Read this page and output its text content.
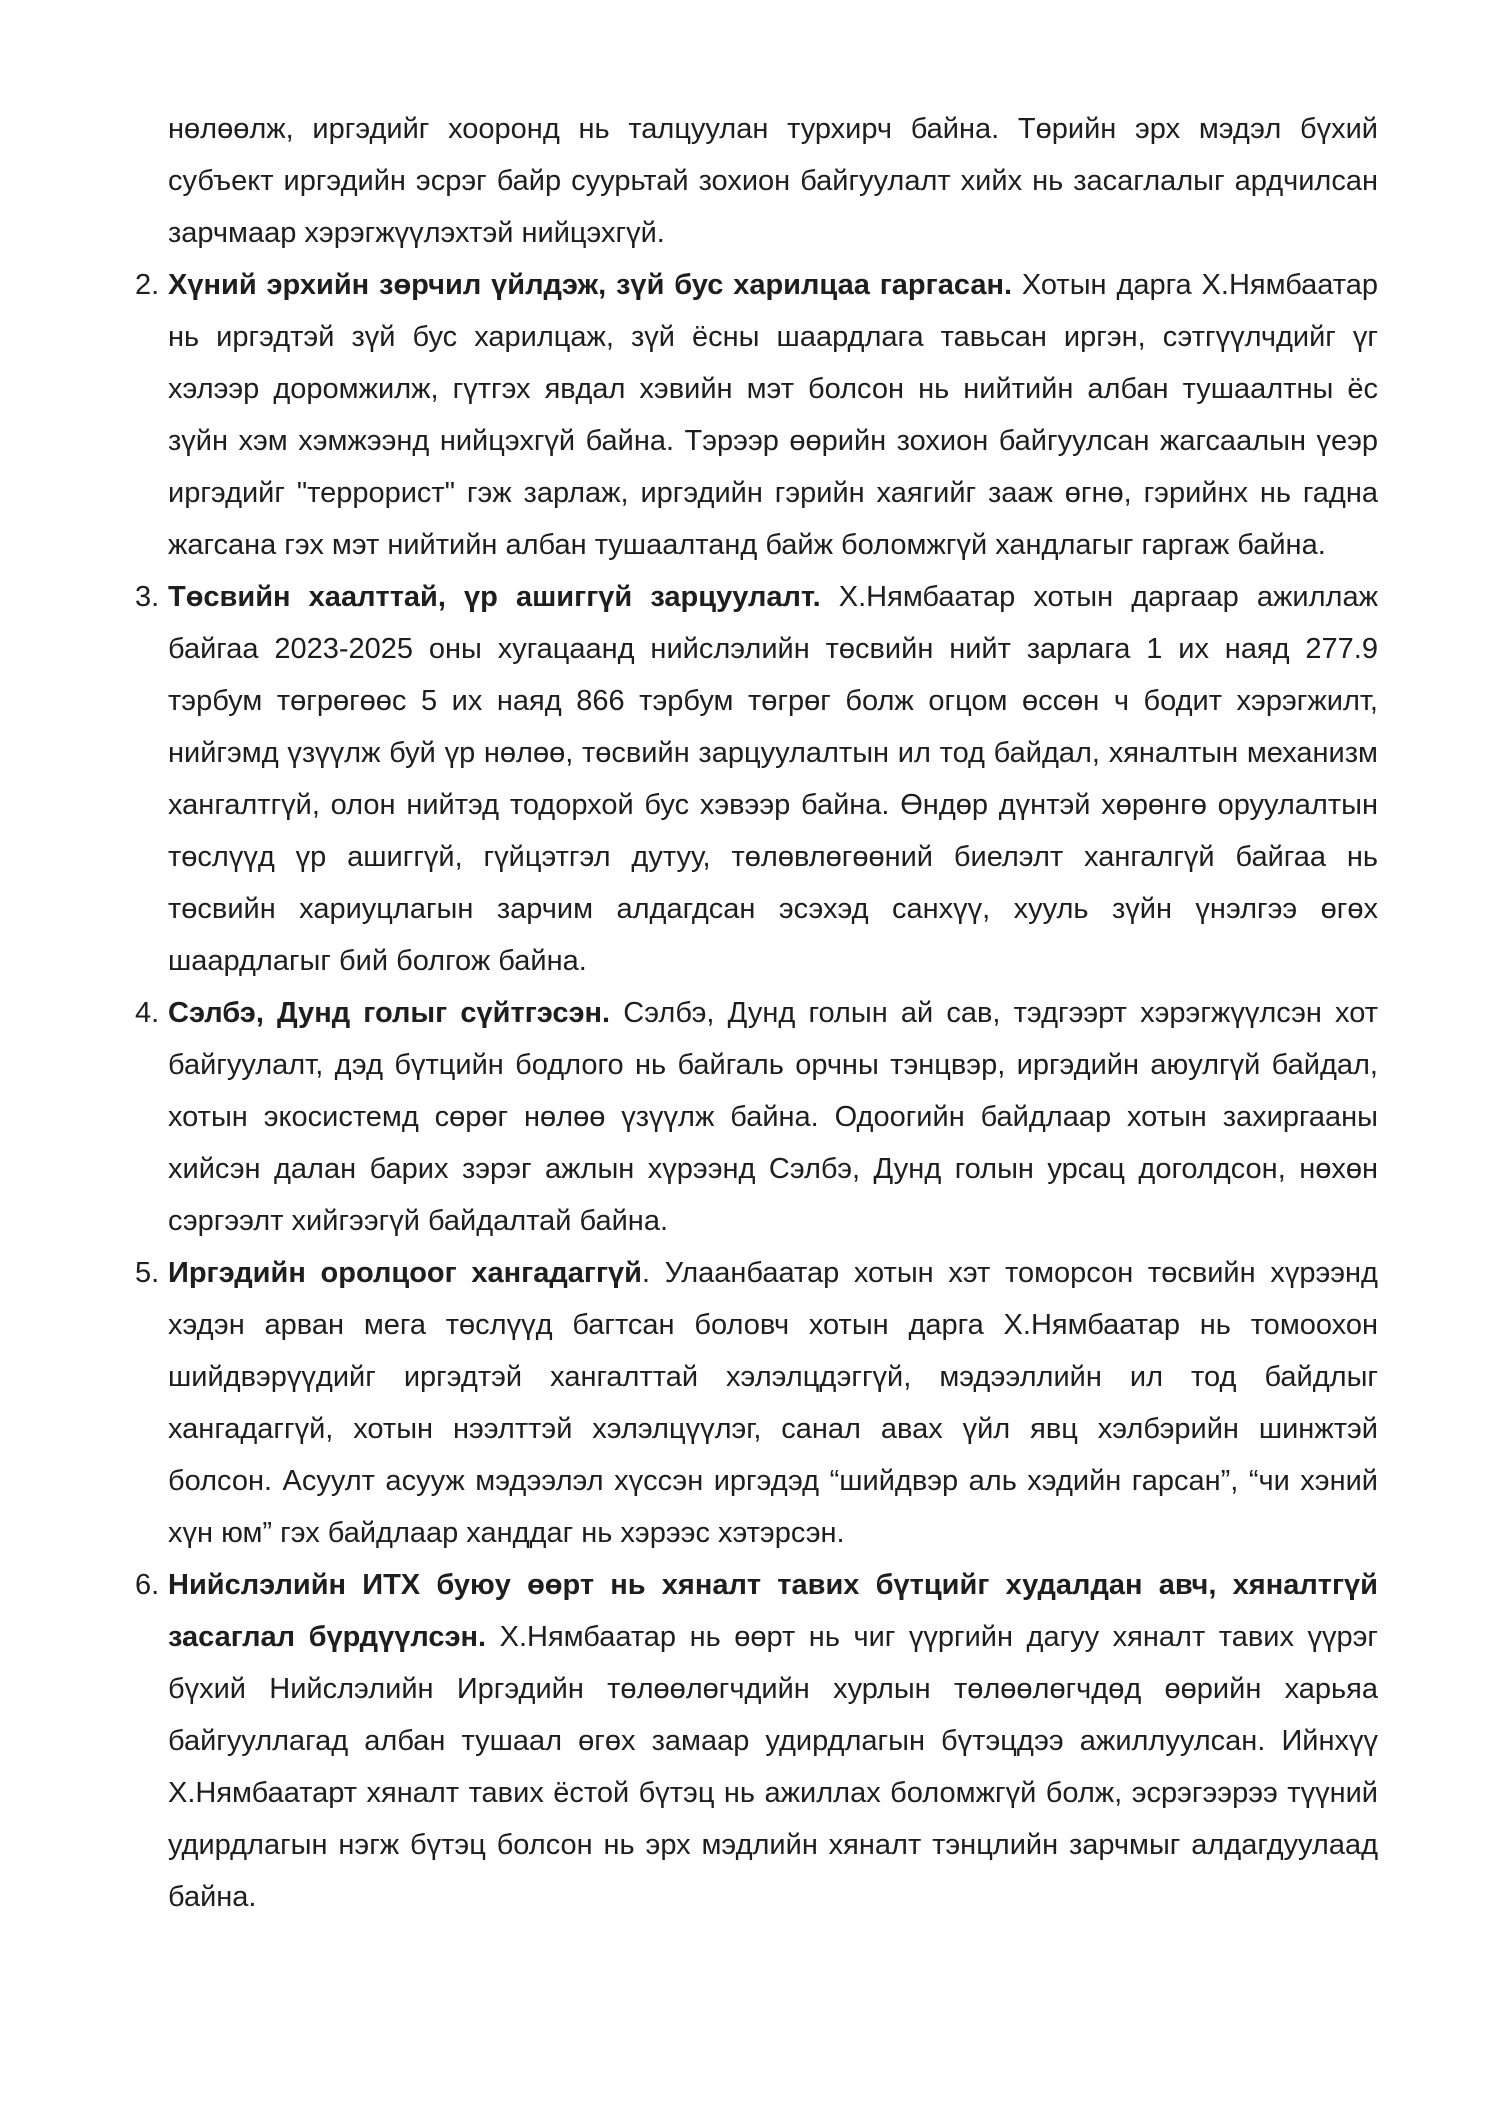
нөлөөлж, иргэдийг хооронд нь талцуулан турхирч байна. Төрийн эрх мэдэл бүхий субъект иргэдийн эсрэг байр суурьтай зохион байгуулалт хийх нь засаглалыг ардчилсан зарчмаар хэрэгжүүлэхтэй нийцэхгүй.

2. Хүний эрхийн зөрчил үйлдэж, зүй бус харилцаа гаргасан. Хотын дарга Х.Нямбаатар нь иргэдтэй зүй бус харилцаж, зүй ёсны шаардлага тавьсан иргэн, сэтгүүлчдийг үг хэлээр доромжилж, гүтгэх явдал хэвийн мэт болсон нь нийтийн албан тушаалтны ёс зүйн хэм хэмжээнд нийцэхгүй байна. Тэрээр өөрийн зохион байгуулсан жагсаалын үеэр иргэдийг "террорист" гэж зарлаж, иргэдийн гэрийн хаягийг зааж өгнө, гэрийнх нь гадна жагсана гэх мэт нийтийн албан тушаалтанд байж боломжгүй хандлагыг гаргаж байна.
3. Төсвийн хаалттай, үр ашиггүй зарцуулалт. Х.Нямбаатар хотын даргаар ажиллаж байгаа 2023-2025 оны хугацаанд нийслэлийн төсвийн нийт зарлага 1 их наяд 277.9 тэрбум төгрөгөөс 5 их наяд 866 тэрбум төгрөг болж огцом өссөн ч бодит хэрэгжилт, нийгэмд үзүүлж буй үр нөлөө, төсвийн зарцуулалтын ил тод байдал, хяналтын механизм хангалтгүй, олон нийтэд тодорхой бус хэвээр байна. Өндөр дүнтэй хөрөнгө оруулалтын төслүүд үр ашиггүй, гүйцэтгэл дутуу, төлөвлөгөөний биелэлт хангалгүй байгаа нь төсвийн хариуцлагын зарчим алдагдсан эсэхэд санхүү, хууль зүйн үнэлгээ өгөх шаардлагыг бий болгож байна.
4. Сэлбэ, Дунд голыг сүйтгэсэн. Сэлбэ, Дунд голын ай сав, тэдгээрт хэрэгжүүлсэн хот байгуулалт, дэд бүтцийн бодлого нь байгаль орчны тэнцвэр, иргэдийн аюулгүй байдал, хотын экосистемд сөрөг нөлөө үзүүлж байна. Одоогийн байдлаар хотын захиргааны хийсэн далан барих зэрэг ажлын хүрээнд Сэлбэ, Дунд голын урсац доголдсон, нөхөн сэргээлт хийгээгүй байдалтай байна.
5. Иргэдийн оролцоог хангадаггүй. Улаанбаатар хотын хэт томорсон төсвийн хүрээнд хэдэн арван мега төслүүд багтсан боловч хотын дарга Х.Нямбаатар нь томоохон шийдвэрүүдийг иргэдтэй хангалттай хэлэлцдэггүй, мэдээллийн ил тод байдлыг хангадаггүй, хотын нээлттэй хэлэлцүүлэг, санал авах үйл явц хэлбэрийн шинжтэй болсон. Асуулт асууж мэдээлэл хүссэн иргэдэд “шийдвэр аль хэдийн гарсан”, “чи хэний хүн юм” гэх байдлаар ханддаг нь хэрээс хэтэрсэн.
6. Нийслэлийн ИТХ буюу өөрт нь хяналт тавих бүтцийг худалдан авч, хяналтгүй засаглал бүрдүүлсэн. Х.Нямбаатар нь өөрт нь чиг үүргийн дагуу хяналт тавих үүрэг бүхий Нийслэлийн Иргэдийн төлөөлөгчдийн хурлын төлөөлөгчдөд өөрийн харьяа байгууллагад албан тушаал өгөх замаар удирдлагын бүтэцдээ ажиллуулсан. Ийнхүү Х.Нямбаатарт хяналт тавих ёстой бүтэц нь ажиллах боломжгүй болж, эсрэгээрээ түүний удирдлагын нэгж бүтэц болсон нь эрх мэдлийн хяналт тэнцлийн зарчмыг алдагдуулаад байна.
